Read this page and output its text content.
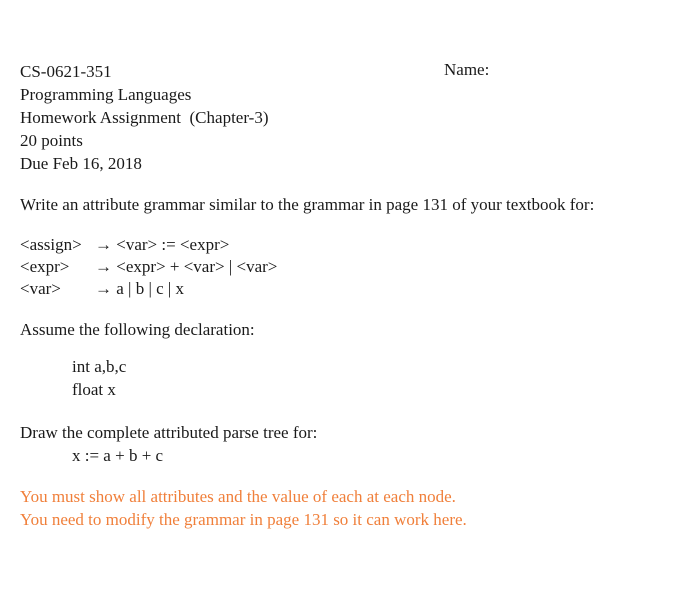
CS-0621-351	Name:
Programming Languages
Homework Assignment  (Chapter-3)
20 points
Due Feb 16, 2018
Write an attribute grammar similar to the grammar in page 131 of your textbook for:
<assign> → <var> := <expr>
<expr> → <expr> + <var> | <var>
<var> → a | b | c | x
Assume the following declaration:
int a,b,c
float x
Draw the complete attributed parse tree for:
x := a + b + c
You must show all attributes and the value of each at each node.
You need to modify the grammar in page 131 so it can work here.
